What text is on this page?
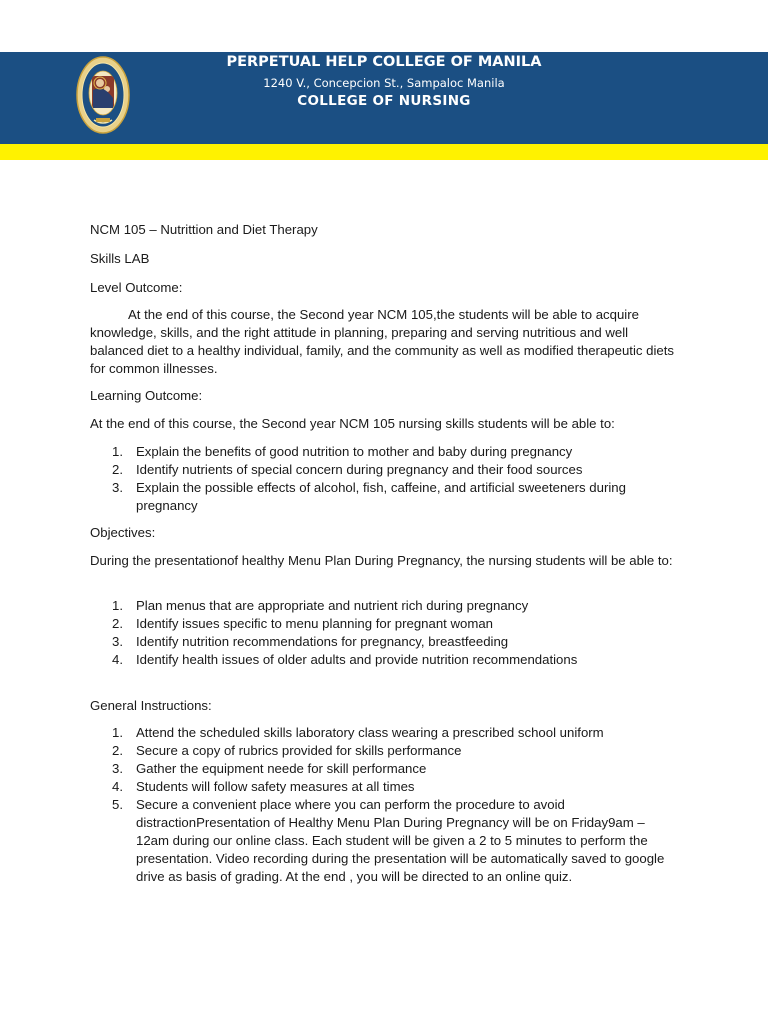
PERPETUAL HELP COLLEGE OF MANILA
1240 V., Concepcion St., Sampaloc Manila
COLLEGE OF NURSING
NCM 105 – Nutrittion and Diet Therapy
Skills LAB
Level Outcome:
At the end of this course, the Second year NCM 105,the students will be able to acquire knowledge, skills, and the right attitude in planning, preparing and serving nutritious and well balanced diet to a healthy individual, family, and the community as well as modified therapeutic diets for common illnesses.
Learning Outcome:
At the end of this course, the Second year NCM 105 nursing skills students will be able to:
1. Explain the benefits of good nutrition to mother and baby during pregnancy
2. Identify nutrients of special concern during pregnancy and their food sources
3. Explain the possible effects of alcohol, fish, caffeine, and artificial sweeteners during pregnancy
Objectives:
During the presentationof healthy Menu Plan During Pregnancy, the nursing students will be able to:
1. Plan menus that are appropriate and nutrient rich during pregnancy
2. Identify issues specific to menu planning for pregnant woman
3. Identify nutrition recommendations for pregnancy, breastfeeding
4. Identify health issues of older adults and provide nutrition recommendations
General Instructions:
1. Attend the scheduled skills laboratory class wearing a prescribed school uniform
2. Secure a copy of rubrics provided for skills performance
3. Gather the equipment neede for skill performance
4. Students will follow safety measures at all times
5. Secure a convenient place where you can perform the procedure to avoid distractionPresentation of Healthy Menu Plan During Pregnancy will be on Friday9am – 12am during our online class. Each student will be given a 2 to 5 minutes to perform the presentation. Video recording during the presentation will be automatically saved to google drive as basis of grading. At the end , you will be directed to an online quiz.
